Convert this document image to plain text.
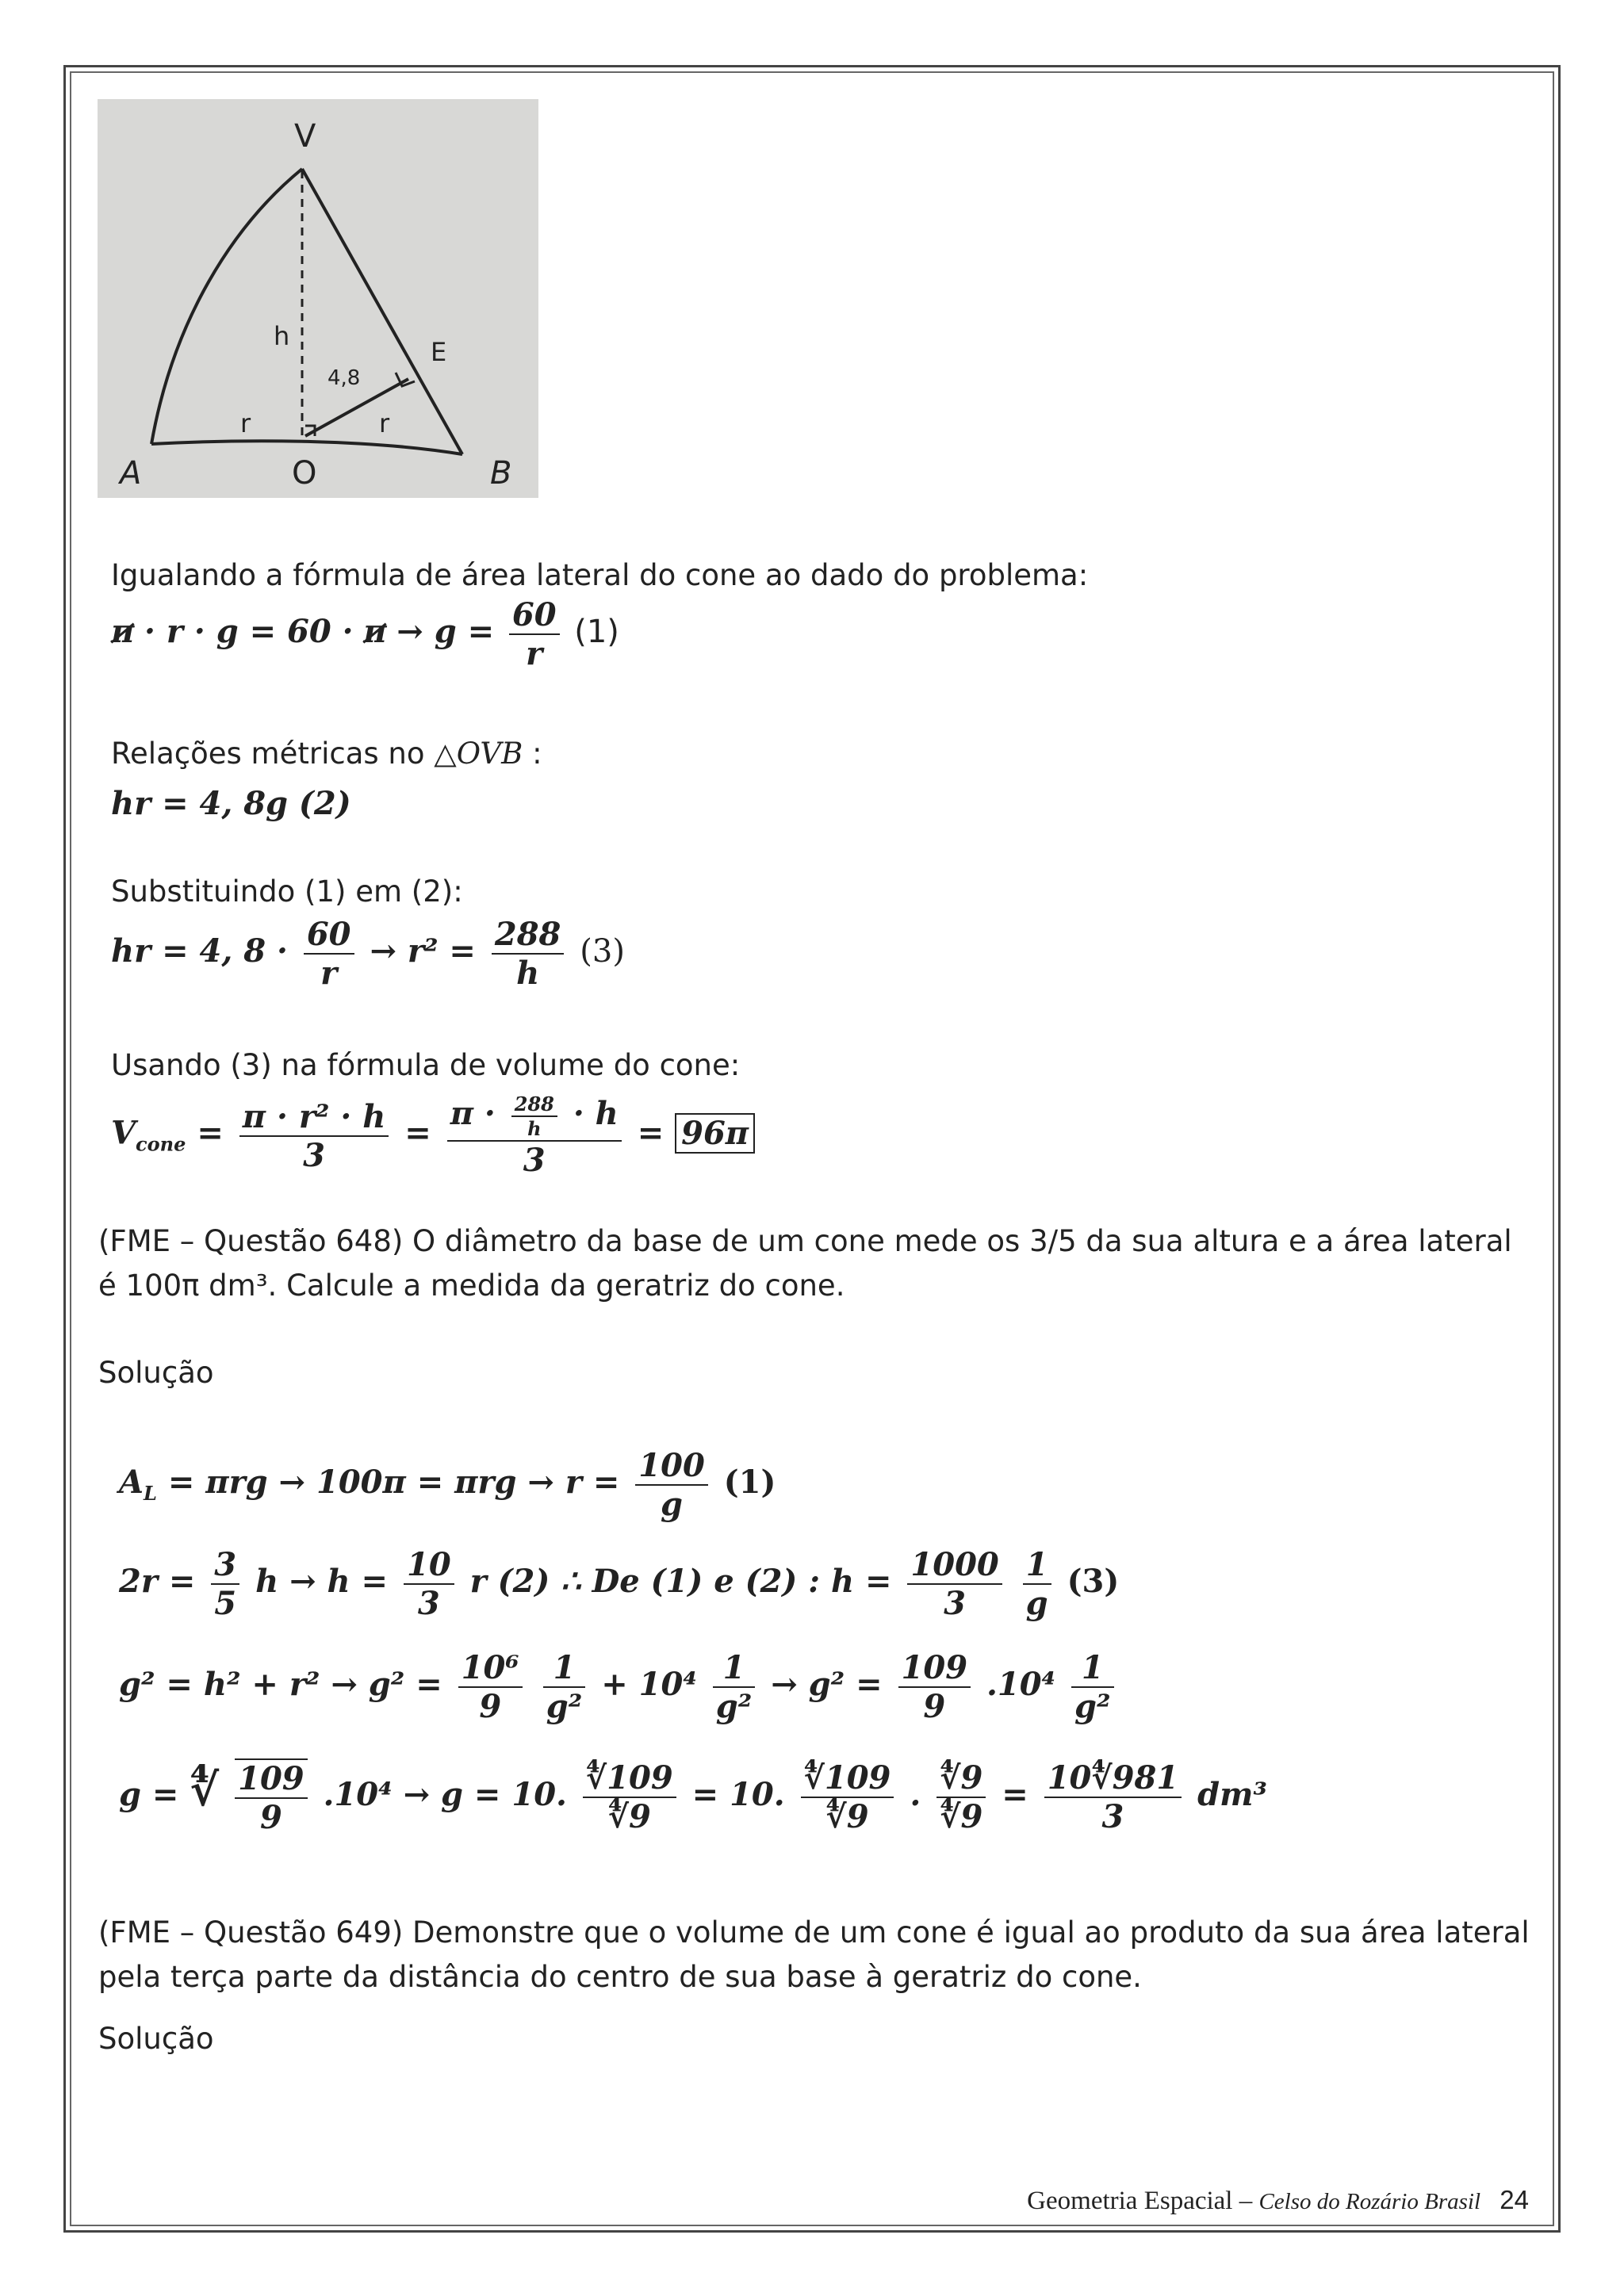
V
E
h
4,8
r	r
A	O	B
Igualando a fórmula de área lateral do cone ao dado do problema:
$\pi \cdot r \cdot g = 60 \cdot \pi \to g = \frac{60}{r} (1)$
Relações métricas no △OVB :
hr = 4, 8g (2)
Substituindo (1) em (2):
hr = 4, $8 \cdot \frac{60}{r} \to r^2 = \frac{288}{h} (3)$
Usando (3) na fórmula de volume do cone:
$V_{cone} = \frac{\text{π · r² · h}}{3} = \frac{\pi \cdot \frac{288}{h} \cdot h}{3} = 96\pi$
(FME – Questão 648) O diâmetro da base de um cone mede os 3/5 da sua altura e a área lateral é 100π dm³. Calcule a medida da geratriz do cone.
Solução
$A_L = \pi rg \to 100\pi = \pi rg \to r = \frac{100}{g} (1)$
$2r = \frac{3}{5}$ $h \to h = \frac{10}{3}$ r (2) ∴ De (1) e (2) : $h = \frac{1000}{3}$
$\frac{1}{g} (3)$
$g^2 = h^2 + r^2 \to g^2 = \frac{\text{10⁶}}{9}$
$\frac{1}{\text{g²}} + 10^4 \frac{1}{\text{g²}} \to g^2 = \frac{109}{9} .10^4 \frac{1}{\text{g²}}$
g = ∜ $\frac{109}{9} .10^4 \to g = 10$. $\frac{∜109}{∜9} = 10$. $\frac{∜109}{∜9}$ . $\frac{∜9}{∜9} = \frac{10∜981}{3} dm^3$
(FME – Questão 649) Demonstre que o volume de um cone é igual ao produto da sua área lateral pela terça parte da distância do centro de sua base à geratriz do cone.
Solução
Geometria Espacial – Celso do Rozário Brasil 24
